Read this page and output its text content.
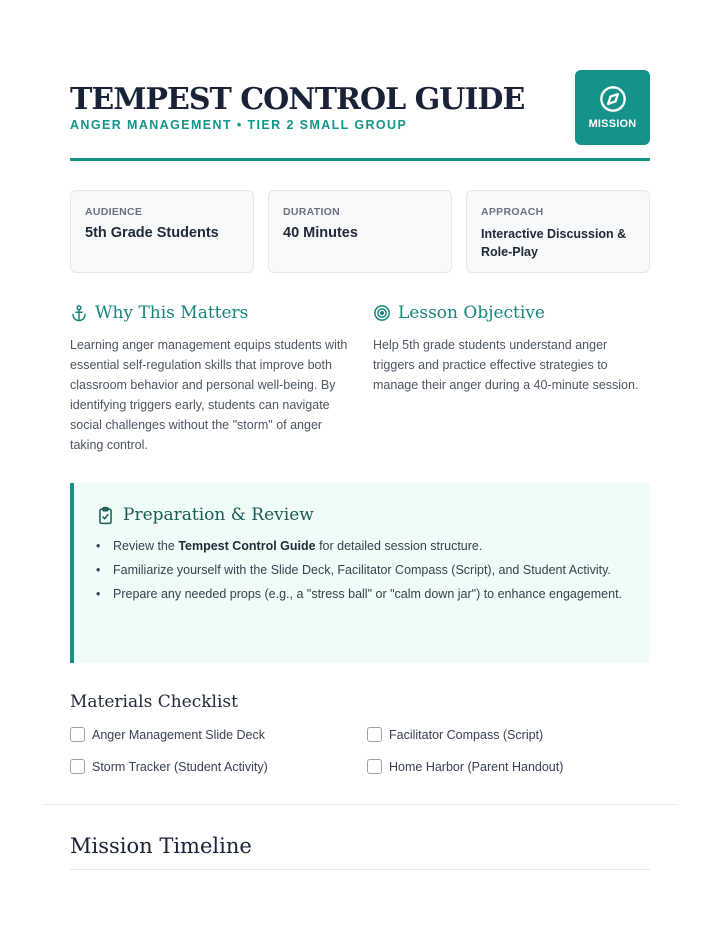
TEMPEST CONTROL GUIDE
ANGER MANAGEMENT • TIER 2 SMALL GROUP	MISSION
AUDIENCE
5th Grade Students
DURATION
40 Minutes
APPROACH
Interactive Discussion & Role-Play
Why This Matters

Learning anger management equips students with essential self-regulation skills that improve both classroom behavior and personal well-being. By identifying triggers early, students can navigate social challenges without the "storm" of anger taking control.

Lesson Objective

Help 5th grade students understand anger triggers and practice effective strategies to manage their anger during a 40-minute session.

Preparation & Review
• Review the Tempest Control Guide for detailed session structure.
• Familiarize yourself with the Slide Deck, Facilitator Compass (Script), and Student Activity.
• Prepare any needed props (e.g., a "stress ball" or "calm down jar") to enhance engagement.
Materials Checklist
Anger Management Slide Deck	Facilitator Compass (Script)
Storm Tracker (Student Activity)	Home Harbor (Parent Handout)
Mission Timeline
